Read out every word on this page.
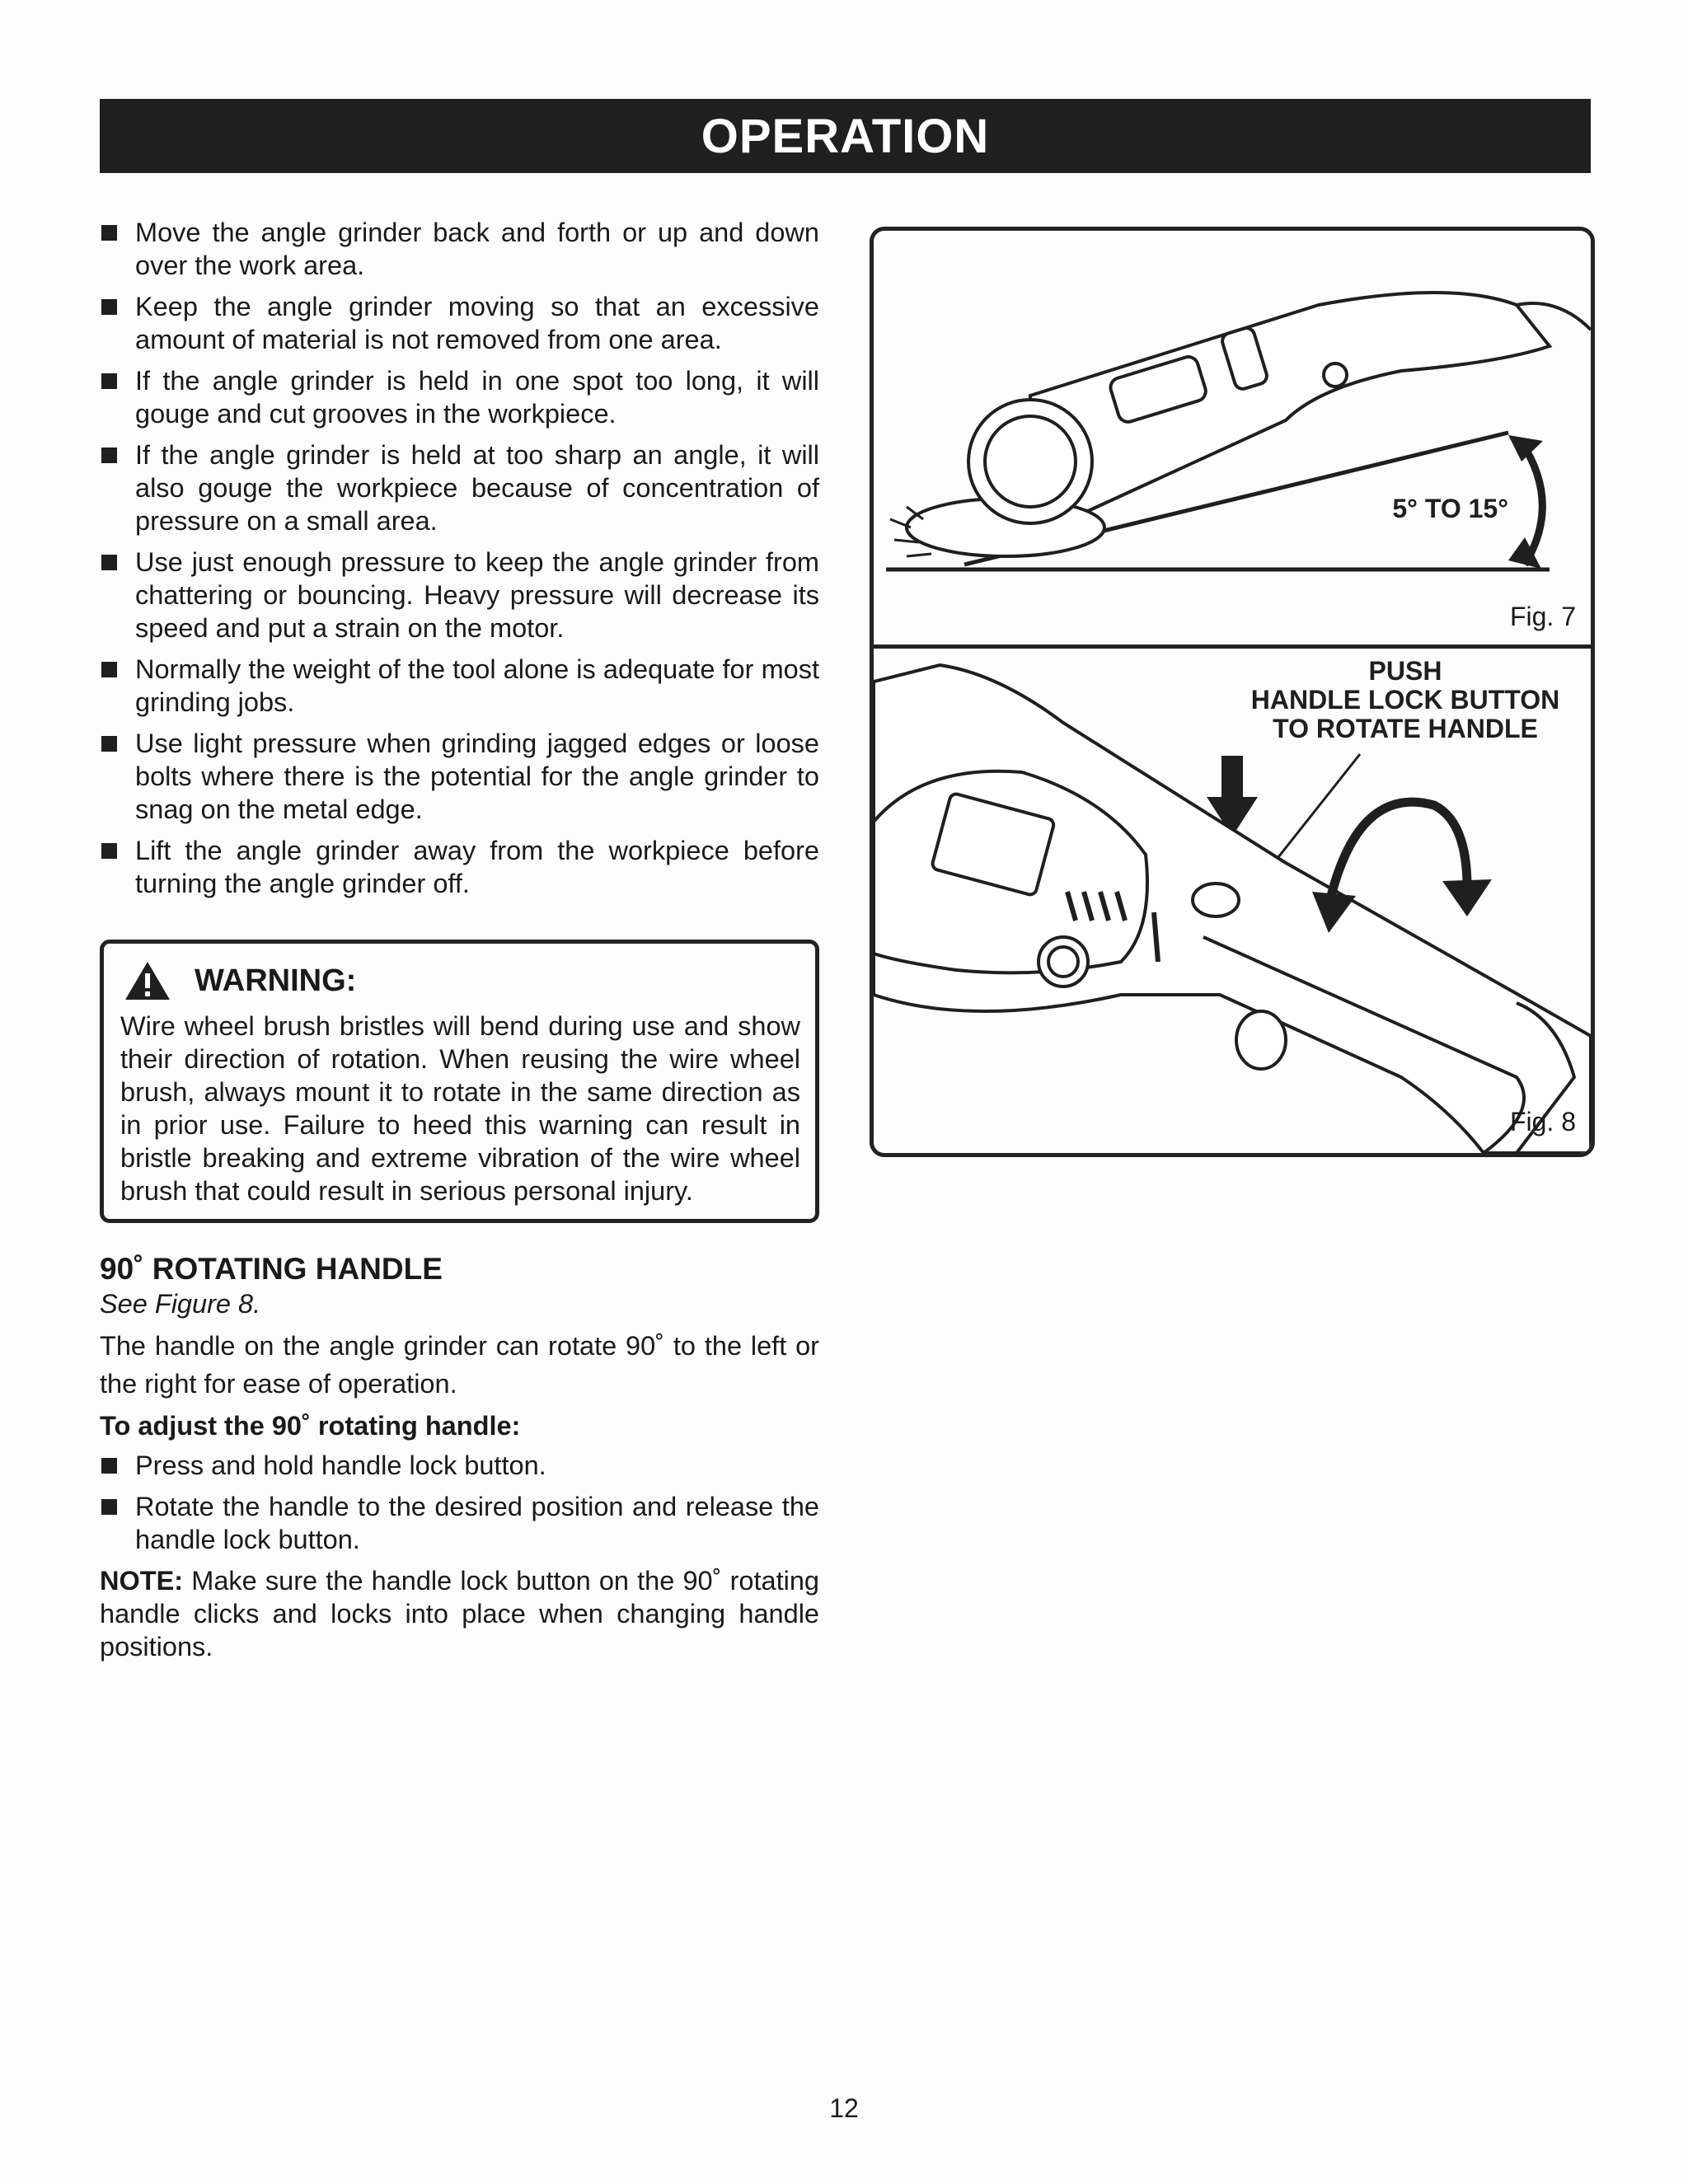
OPERATION
Move the angle grinder back and forth or up and down over the work area.
Keep the angle grinder moving so that an excessive amount of material is not removed from one area.
If the angle grinder is held in one spot too long, it will gouge and cut grooves in the workpiece.
If the angle grinder is held at too sharp an angle, it will also gouge the workpiece because of concentration of pressure on a small area.
Use just enough pressure to keep the angle grinder from chattering or bouncing. Heavy pressure will decrease its speed and put a strain on the motor.
Normally the weight of the tool alone is adequate for most grinding jobs.
Use light pressure when grinding jagged edges or loose bolts where there is the potential for the angle grinder to snag on the metal edge.
Lift the angle grinder away from the workpiece before turning the angle grinder off.
WARNING:
Wire wheel brush bristles will bend during use and show their direction of rotation. When reusing the wire wheel brush, always mount it to rotate in the same direction as in prior use. Failure to heed this warning can result in bristle breaking and extreme vibration of the wire wheel brush that could result in serious personal injury.
90˚ ROTATING HANDLE
See Figure 8.
The handle on the angle grinder can rotate 90˚ to the left or the right for ease of operation.
To adjust the 90˚ rotating handle:
Press and hold handle lock button.
Rotate the handle to the desired position and release the handle lock button.
NOTE: Make sure the handle lock button on the 90˚ rotating handle clicks and locks into place when changing handle positions.
5° TO 15°
Fig. 7
PUSH
HANDLE LOCK BUTTON
TO ROTATE HANDLE
Fig. 8
12
